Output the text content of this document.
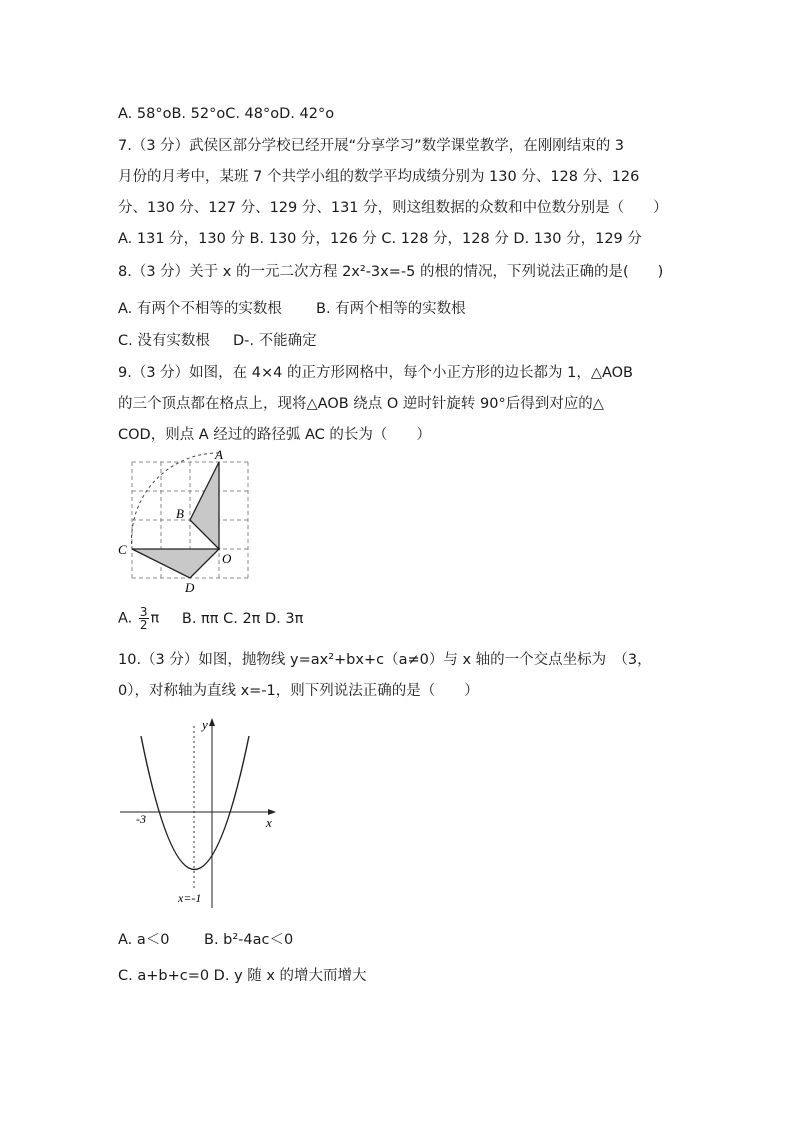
A. 58°oB. 52°oC. 48°oD. 42°o
7.（3 分）武侯区部分学校已经开展“分享学习”数学课堂教学，在刚刚结束的 3
月份的月考中，某班 7 个共学小组的数学平均成绩分别为 130 分、128 分、126
分、130 分、127 分、129 分、131 分，则这组数据的众数和中位数分别是（　　）
A. 131 分，130 分 B. 130 分，126 分 C. 128 分，128 分 D. 130 分，129 分
8.（3 分）关于 x 的一元二次方程 2x²-3x=-5 的根的情况，下列说法正确的是(　　)
A. 有两个不相等的实数根 B. 有两个相等的实数根
C. 没有实数根 D‑. 不能确定
9.（3 分）如图，在 4×4 的正方形网格中，每个小正方形的边长都为 1，△AOB
的三个顶点都在格点上，现将△AOB 绕点 O 逆时针旋转 90°后得到对应的△
COD，则点 A 经过的路径弧 AC 的长为（　　）
A
B
C
O
D
A. $\frac{3}{2}$ π B. ππ C. 2π D. 3π
10.（3 分）如图，抛物线 y=ax²+bx+c（a≠0）与 x 轴的一个交点坐标为　（3，
0），对称轴为直线 x=-1，则下列说法正确的是（　　）
y
x
-3
x=-1
A. a＜0 B. b²-4ac＜0
C. a+b+c=0 D. y 随 x 的增大而增大
